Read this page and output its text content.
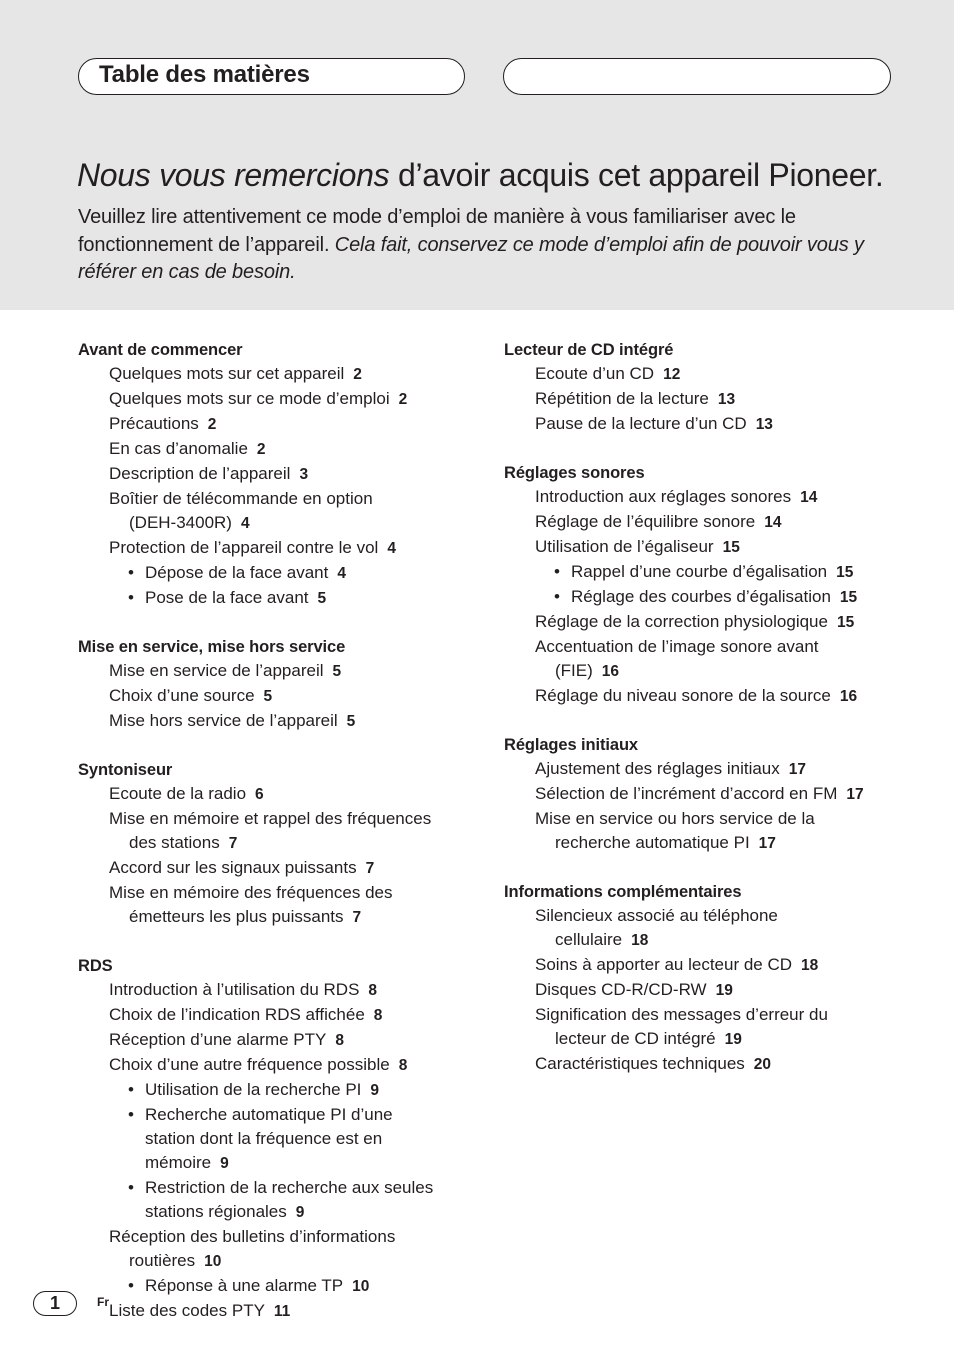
Table des matières
Nous vous remercions d’avoir acquis cet appareil Pioneer.

Veuillez lire attentivement ce mode d’emploi de manière à vous familiariser avec le fonctionnement de l’appareil. Cela fait, conservez ce mode d’emploi afin de pouvoir vous y référer en cas de besoin.

Avant de commencer
Quelques mots sur cet appareil 2
Quelques mots sur ce mode d’emploi 2
Précautions 2
En cas d’anomalie 2
Description de l’appareil 3
Boîtier de télécommande en option
(DEH-3400R) 4
Protection de l’appareil contre le vol 4
• Dépose de la face avant 4
• Pose de la face avant 5
Mise en service, mise hors service
Mise en service de l’appareil 5
Choix d’une source 5
Mise hors service de l’appareil 5
Syntoniseur
Ecoute de la radio 6
Mise en mémoire et rappel des fréquences
des stations 7
Accord sur les signaux puissants 7
Mise en mémoire des fréquences des
émetteurs les plus puissants 7
RDS
Introduction à l’utilisation du RDS 8
Choix de l’indication RDS affichée 8
Réception d’une alarme PTY 8
Choix d’une autre fréquence possible 8
• Utilisation de la recherche PI 9
• Recherche automatique PI d’une
station dont la fréquence est en
mémoire 9
• Restriction de la recherche aux seules
stations régionales 9
Réception des bulletins d’informations
routières 10
• Réponse à une alarme TP 10
Liste des codes PTY 11
Lecteur de CD intégré
Ecoute d’un CD 12
Répétition de la lecture 13
Pause de la lecture d’un CD 13
Réglages sonores
Introduction aux réglages sonores 14
Réglage de l’équilibre sonore 14
Utilisation de l’égaliseur 15
• Rappel d’une courbe d’égalisation 15
• Réglage des courbes d’égalisation 15
Réglage de la correction physiologique 15
Accentuation de l’image sonore avant
(FIE) 16
Réglage du niveau sonore de la source 16
Réglages initiaux
Ajustement des réglages initiaux 17
Sélection de l’incrément d’accord en FM 17
Mise en service ou hors service de la
recherche automatique PI 17
Informations complémentaires
Silencieux associé au téléphone
cellulaire 18
Soins à apporter au lecteur de CD 18
Disques CD-R/CD-RW 19
Signification des messages d’erreur du
lecteur de CD intégré 19
Caractéristiques techniques 20
1	Fr
